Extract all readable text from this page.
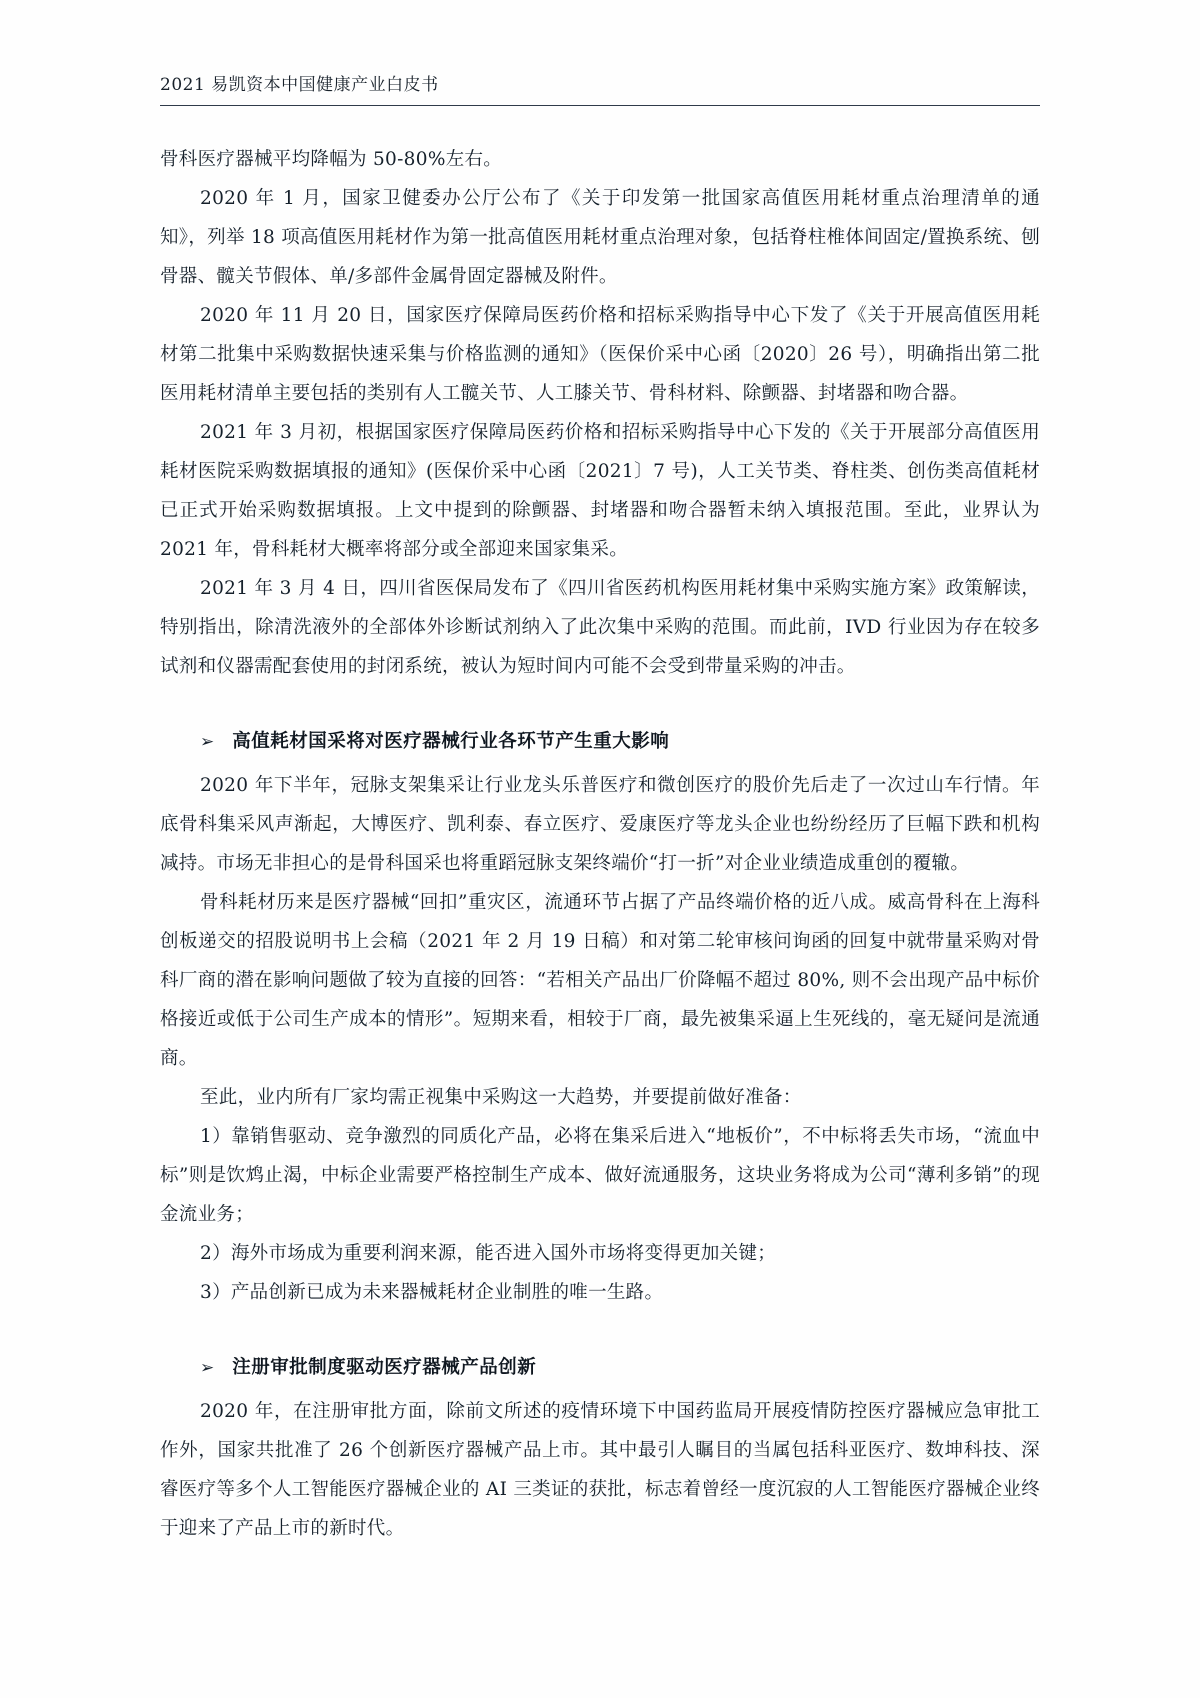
2021 易凯资本中国健康产业白皮书

骨科医疗器械平均降幅为 50-80%左右。

2020 年 1 月，国家卫健委办公厅公布了《关于印发第一批国家高值医用耗材重点治理清单的通知》，列举 18 项高值医用耗材作为第一批高值医用耗材重点治理对象，包括脊柱椎体间固定/置换系统、刨骨器、髋关节假体、单/多部件金属骨固定器械及附件。

2020 年 11 月 20 日，国家医疗保障局医药价格和招标采购指导中心下发了《关于开展高值医用耗材第二批集中采购数据快速采集与价格监测的通知》（医保价采中心函〔2020〕26 号），明确指出第二批医用耗材清单主要包括的类别有人工髋关节、人工膝关节、骨科材料、除颤器、封堵器和吻合器。

2021 年 3 月初，根据国家医疗保障局医药价格和招标采购指导中心下发的《关于开展部分高值医用耗材医院采购数据填报的通知》(医保价采中心函〔2021〕7 号)，人工关节类、脊柱类、创伤类高值耗材已正式开始采购数据填报。上文中提到的除颤器、封堵器和吻合器暂未纳入填报范围。至此，业界认为 2021 年，骨科耗材大概率将部分或全部迎来国家集采。

2021 年 3 月 4 日，四川省医保局发布了《四川省医药机构医用耗材集中采购实施方案》政策解读，特别指出，除清洗液外的全部体外诊断试剂纳入了此次集中采购的范围。而此前，IVD 行业因为存在较多试剂和仪器需配套使用的封闭系统，被认为短时间内可能不会受到带量采购的冲击。

➢ 高值耗材国采将对医疗器械行业各环节产生重大影响

2020 年下半年，冠脉支架集采让行业龙头乐普医疗和微创医疗的股价先后走了一次过山车行情。年底骨科集采风声渐起，大博医疗、凯利泰、春立医疗、爱康医疗等龙头企业也纷纷经历了巨幅下跌和机构减持。市场无非担心的是骨科国采也将重蹈冠脉支架终端价“打一折”对企业业绩造成重创的覆辙。

骨科耗材历来是医疗器械“回扣”重灾区，流通环节占据了产品终端价格的近八成。威高骨科在上海科创板递交的招股说明书上会稿（2021 年 2 月 19 日稿）和对第二轮审核问询函的回复中就带量采购对骨科厂商的潜在影响问题做了较为直接的回答：“若相关产品出厂价降幅不超过 80%, 则不会出现产品中标价格接近或低于公司生产成本的情形”。短期来看，相较于厂商，最先被集采逼上生死线的，毫无疑问是流通商。

至此，业内所有厂家均需正视集中采购这一大趋势，并要提前做好准备：

1）靠销售驱动、竞争激烈的同质化产品，必将在集采后进入“地板价”，不中标将丢失市场，“流血中标”则是饮鸩止渴，中标企业需要严格控制生产成本、做好流通服务，这块业务将成为公司“薄利多销”的现金流业务；

2）海外市场成为重要利润来源，能否进入国外市场将变得更加关键；

3）产品创新已成为未来器械耗材企业制胜的唯一生路。

➢ 注册审批制度驱动医疗器械产品创新

2020 年，在注册审批方面，除前文所述的疫情环境下中国药监局开展疫情防控医疗器械应急审批工作外，国家共批准了 26 个创新医疗器械产品上市。其中最引人瞩目的当属包括科亚医疗、数坤科技、深睿医疗等多个人工智能医疗器械企业的 AI 三类证的获批，标志着曾经一度沉寂的人工智能医疗器械企业终于迎来了产品上市的新时代。
